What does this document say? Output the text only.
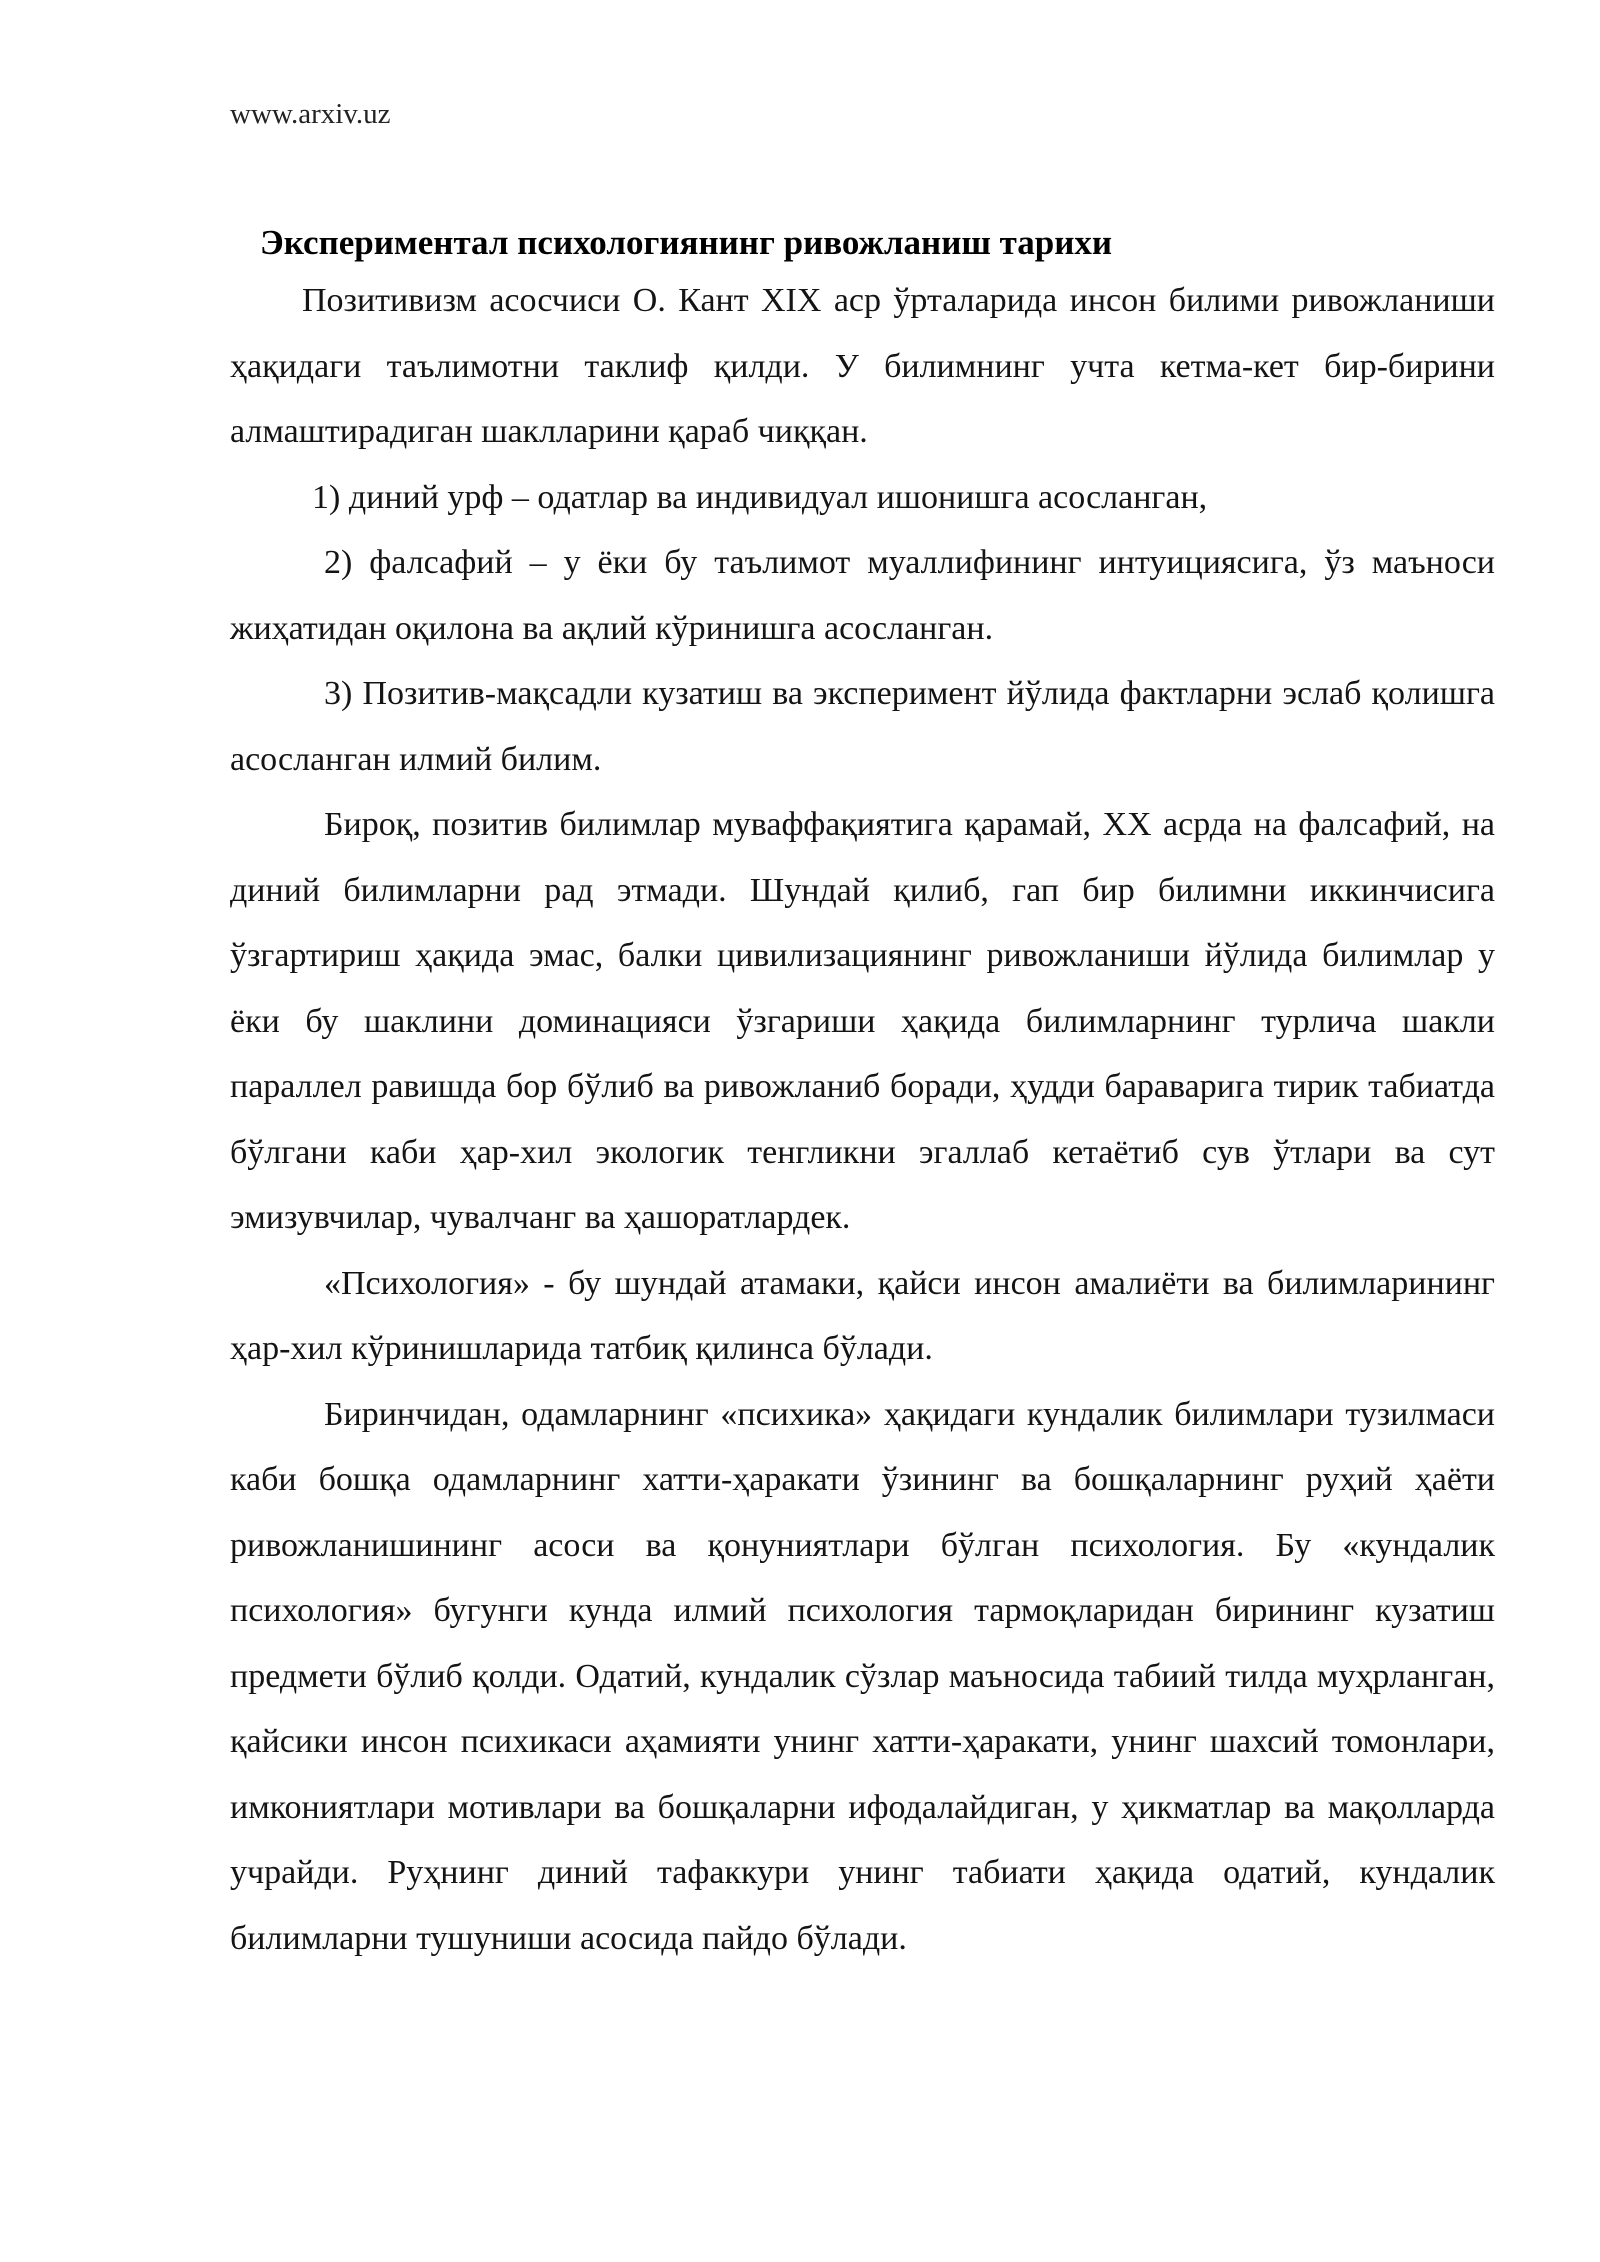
www.arxiv.uz
Экспериментал психологиянинг ривожланиш тарихи

Позитивизм асосчиси О. Кант XIX аср ўрталарида инсон билими ривожланиши ҳақидаги таълимотни таклиф қилди. У билимнинг учта кетма-кет бир-бирини алмаштирадиган шаклларини қараб чиққан.

1) диний урф – одатлар ва индивидуал ишонишга асосланган,

2) фалсафий – у ёки бу таълимот муаллифининг интуициясига, ўз маъноси жиҳатидан оқилона ва ақлий кўринишга асосланган.

3) Позитив-мақсадли кузатиш ва эксперимент йўлида фактларни эслаб қолишга асосланган илмий билим.

Бироқ, позитив билимлар муваффақиятига қарамай, ХХ асрда на фалсафий, на диний билимларни рад этмади. Шундай қилиб, гап бир билимни иккинчисига ўзгартириш ҳақида эмас, балки цивилизациянинг ривожланиши йўлида билимлар у ёки бу шаклини доминацияси ўзгариши ҳақида билимларнинг турлича шакли параллел равишда бор бўлиб ва ривожланиб боради, ҳудди бараваригa тирик табиатда бўлгани каби ҳар-хил экологик тенгликни эгаллаб кетаётиб сув ўтлари ва сут эмизувчилар, чувалчанг ва ҳашоратлардек.

«Психология» - бу шундай атамаки, қайси инсон амалиёти ва билимларининг ҳар-хил кўринишларида татбиқ қилинса бўлади.

Биринчидан, одамларнинг «психика» ҳақидаги кундалик билимлари тузилмаси каби бошқа одамларнинг хатти-ҳаракати ўзининг ва бошқаларнинг руҳий ҳаёти ривожланишининг асоси ва қонуниятлари бўлган психология. Бу «кундалик психология» бугунги кунда илмий психология тармоқларидан бирининг кузатиш предмети бўлиб қолди. Одатий, кундалик сўзлар маъносида табиий тилда муҳрланган, қайсики инсон психикаси аҳамияти унинг хатти-ҳаракати, унинг шахсий томонлари, имкониятлари мотивлари ва бошқаларни ифодалайдиган, у ҳикматлар ва мақолларда учрайди. Руҳнинг диний тафаккури унинг табиати ҳақида одатий, кундалик билимларни тушуниши асосида пайдо бўлади.
